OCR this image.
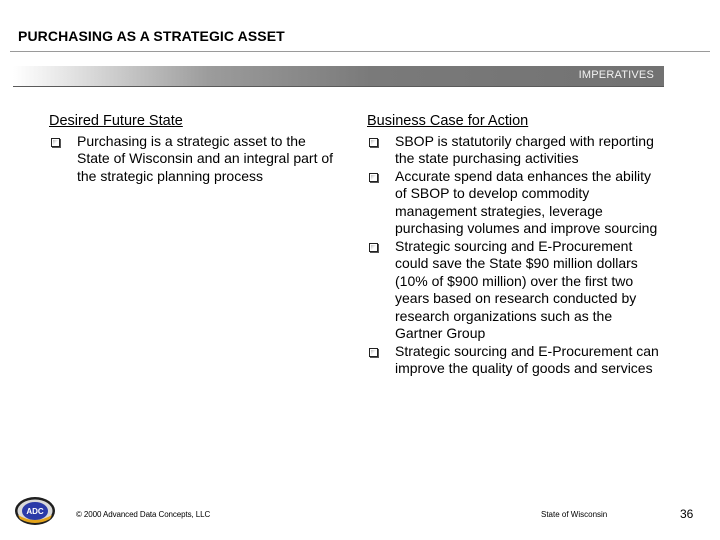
PURCHASING AS A STRATEGIC ASSET
IMPERATIVES
Desired Future State
Purchasing is a strategic asset to the State of Wisconsin and an integral part of the strategic planning process
Business Case for Action
SBOP is statutorily charged with reporting the state purchasing activities
Accurate spend data enhances the ability of SBOP to develop commodity management strategies, leverage purchasing volumes and improve sourcing
Strategic sourcing and E-Procurement could save the State $90 million dollars (10% of $900 million) over the first two years based on research conducted by research organizations such as the Gartner Group
Strategic sourcing and E-Procurement can improve the quality of goods and services
ADC	© 2000 Advanced Data Concepts, LLC	State of Wisconsin	36
